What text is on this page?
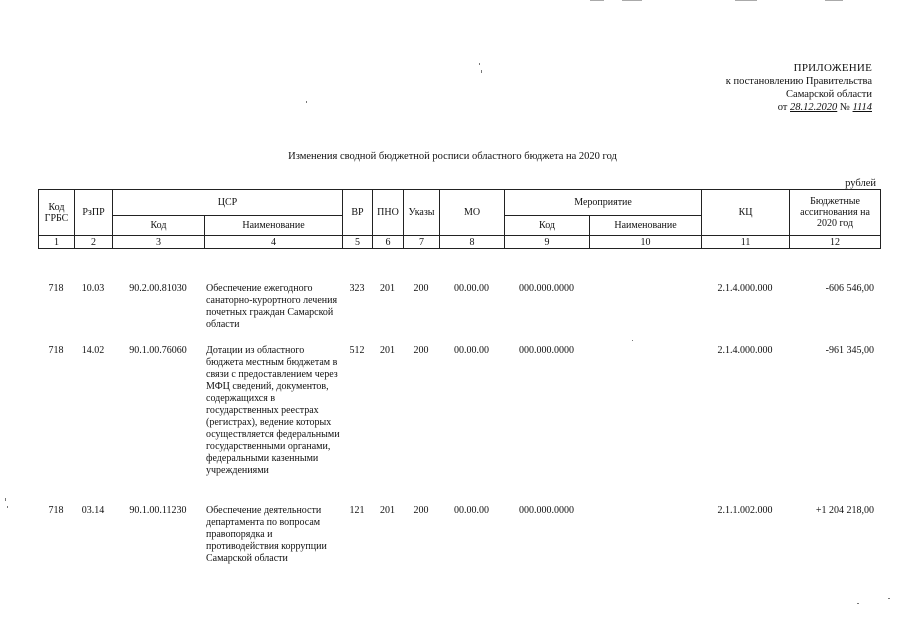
ПРИЛОЖЕНИЕ
к постановлению Правительства
Самарской области
от 28.12.2020 № 1114
Изменения сводной бюджетной росписи областного бюджета на 2020 год
рублей
Код ГРБС	РзПР	ЦСР		ВР	ПНО	Указы	МО	Мероприятие		КЦ	Бюджетные ассигнования на 2020 год
		Код	Наименование					Код	Наименование		
1	2	3	4	5	6	7	8	9	10	11	12
718	10.03	90.2.00.81030	Обеспечение ежегодного санаторно-курортного лечения почетных граждан Самарской области	323	201	200	00.00.00	000.000.0000		2.1.4.000.000	-606 546,00
718	14.02	90.1.00.76060	Дотации из областного бюджета местным бюджетам в связи с предоставлением через МФЦ сведений, документов, содержащихся в государственных реестрах (регистрах), ведение которых осуществляется федеральными государственными органами, федеральными казенными учреждениями	512	201	200	00.00.00	000.000.0000		2.1.4.000.000	-961 345,00
718	03.14	90.1.00.11230	Обеспечение деятельности департамента по вопросам правопорядка и противодействия коррупции Самарской области	121	201	200	00.00.00	000.000.0000		2.1.1.002.000	+1 204 218,00
